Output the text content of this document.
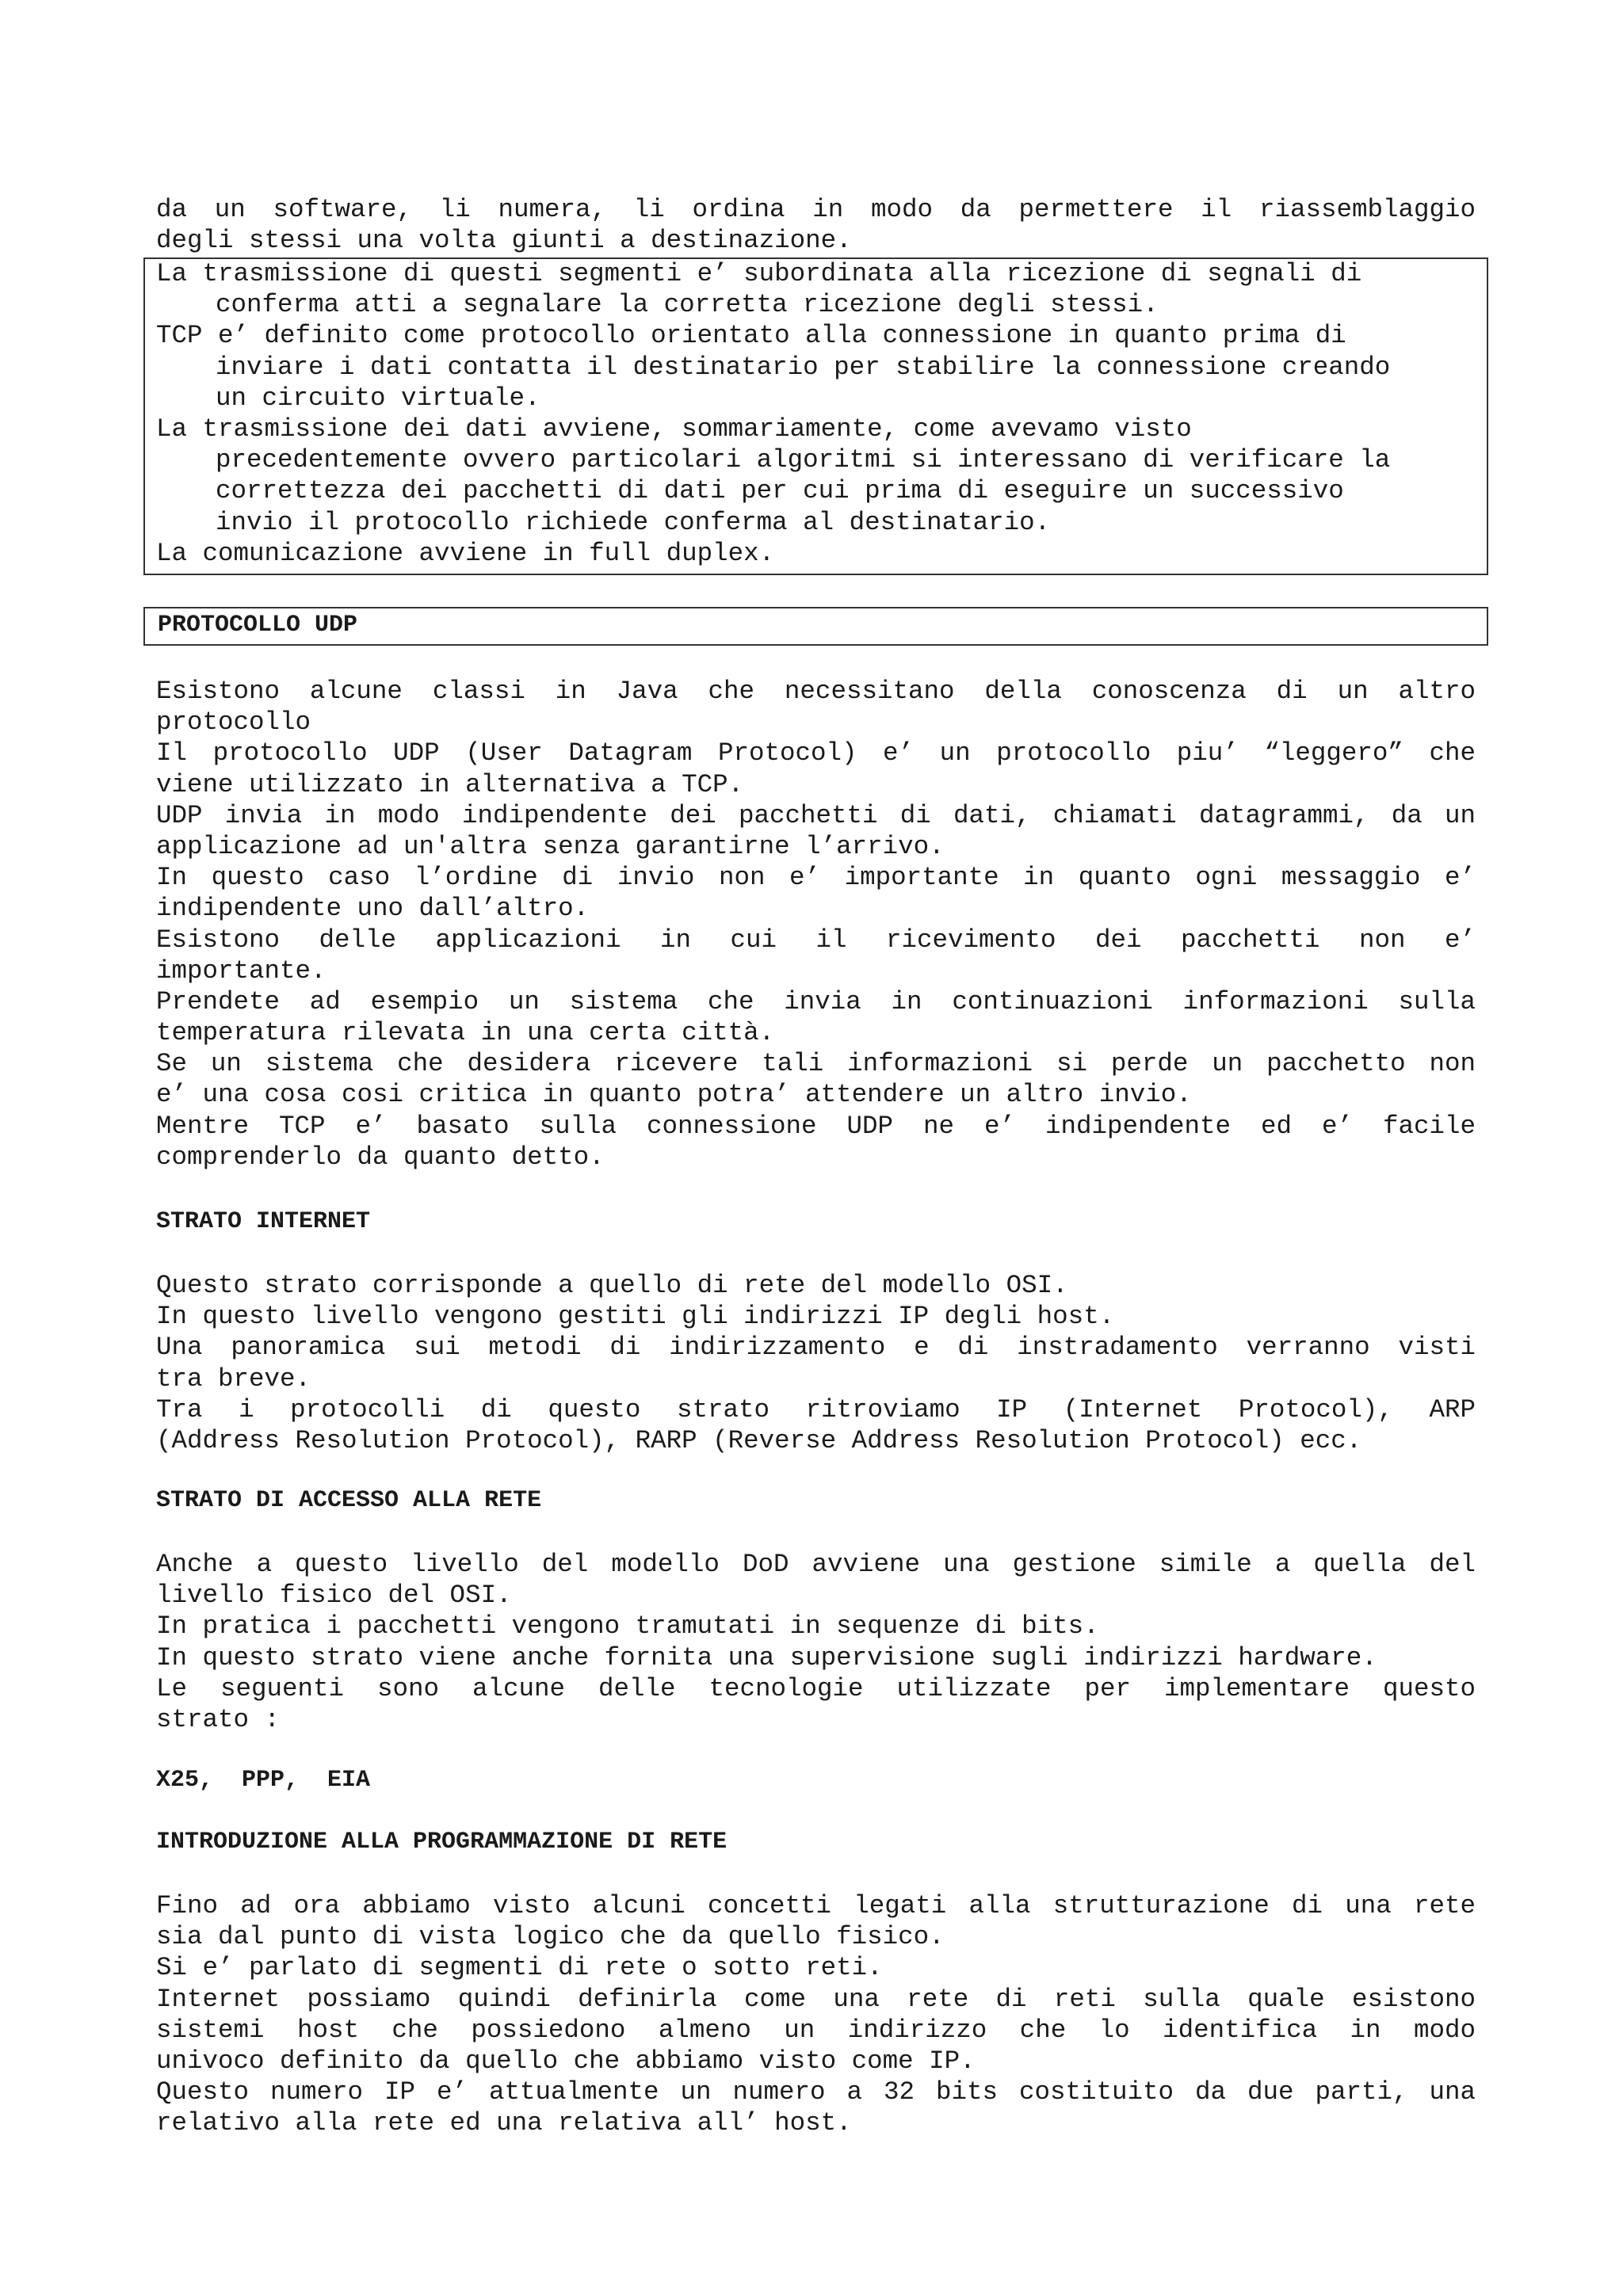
da un software, li numera, li ordina in modo da permettere il riassemblaggio
degli stessi una volta giunti a destinazione.
La trasmissione di questi segmenti e’ subordinata alla ricezione di segnali di
conferma atti a segnalare la corretta ricezione degli stessi.
TCP e’ definito come protocollo orientato alla connessione in quanto prima di
inviare i dati contatta il destinatario per stabilire la connessione creando
un circuito virtuale.
La trasmissione dei dati avviene, sommariamente, come avevamo visto
precedentemente ovvero particolari algoritmi si interessano di verificare la
correttezza dei pacchetti di dati per cui prima di eseguire un successivo
invio il protocollo richiede conferma al destinatario.
La comunicazione avviene in full duplex.
PROTOCOLLO UDP
Esistono alcune classi in Java che necessitano della conoscenza di un altro
protocollo
Il protocollo UDP (User Datagram Protocol) e’ un protocollo piu’ “leggero” che
viene utilizzato in alternativa a TCP.
UDP invia in modo indipendente dei pacchetti di dati, chiamati datagrammi, da un
applicazione ad un'altra senza garantirne l’arrivo.
In questo caso l’ordine di invio non e’ importante in quanto ogni messaggio e’
indipendente uno dall’altro.
Esistono delle applicazioni in cui il ricevimento dei pacchetti non e’
importante.
Prendete ad esempio un sistema che invia in continuazioni informazioni sulla
temperatura rilevata in una certa città.
Se un sistema che desidera ricevere tali informazioni si perde un pacchetto non
e’ una cosa cosi critica in quanto potra’ attendere un altro invio.
Mentre TCP e’ basato sulla connessione UDP ne e’ indipendente ed e’ facile
comprenderlo da quanto detto.
STRATO INTERNET
Questo strato corrisponde a quello di rete del modello OSI.
In questo livello vengono gestiti gli indirizzi IP degli host.
Una panoramica sui metodi di indirizzamento e di instradamento verranno visti
tra breve.
Tra i protocolli di questo strato ritroviamo IP (Internet Protocol), ARP
(Address Resolution Protocol), RARP (Reverse Address Resolution Protocol) ecc.
STRATO DI ACCESSO ALLA RETE
Anche a questo livello del modello DoD avviene una gestione simile a quella del
livello fisico del OSI.
In pratica i pacchetti vengono tramutati in sequenze di bits.
In questo strato viene anche fornita una supervisione sugli indirizzi hardware.
Le seguenti sono alcune delle tecnologie utilizzate per implementare questo
strato :
X25,  PPP,  EIA
INTRODUZIONE ALLA PROGRAMMAZIONE DI RETE
Fino ad ora abbiamo visto alcuni concetti legati alla strutturazione di una rete
sia dal punto di vista logico che da quello fisico.
Si e’ parlato di segmenti di rete o sotto reti.
Internet possiamo quindi definirla come una rete di reti sulla quale esistono
sistemi host che possiedono almeno un indirizzo che lo identifica in modo
univoco definito da quello che abbiamo visto come IP.
Questo numero IP e’ attualmente un numero a 32 bits costituito da due parti, una
relativo alla rete ed una relativa all’ host.
